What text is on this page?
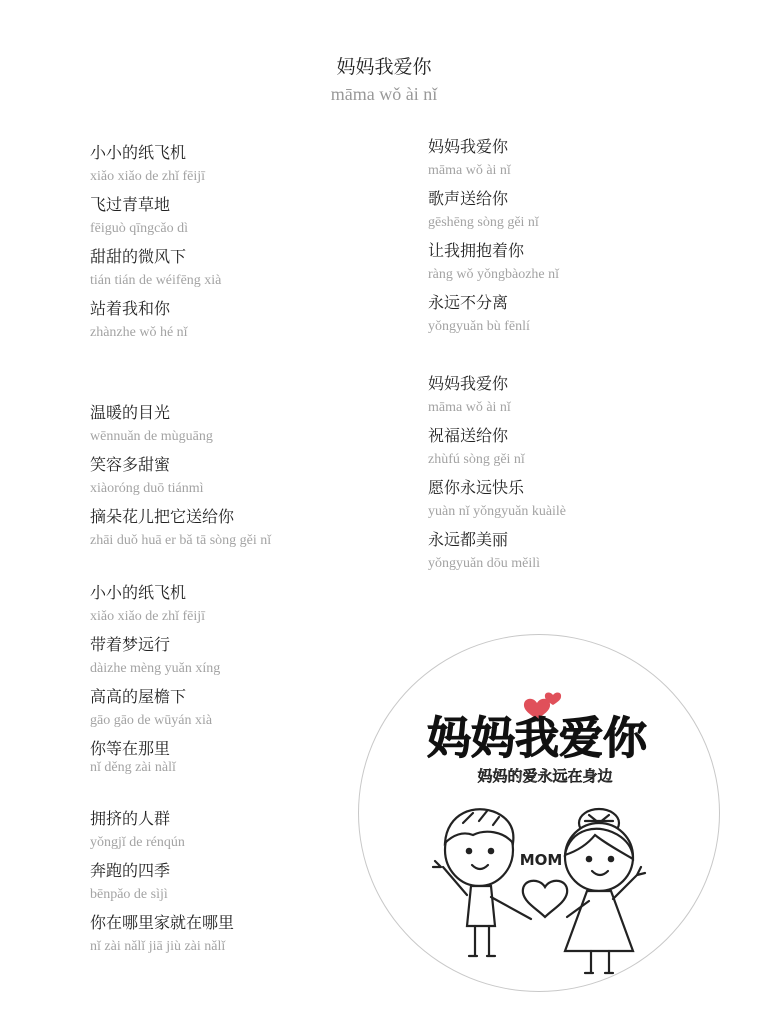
妈妈我爱你
māma wǒ ài nǐ
小小的纸飞机
xiǎo xiǎo de zhǐ fēijī
飞过青草地
fēiguò qīngcǎo dì
甜甜的微风下
tián tián de wéifēng xià
站着我和你
zhànzhe wǒ hé nǐ
温暖的目光
wēnnuǎn de mùguāng
笑容多甜蜜
xiàoróng duō tiánmì
摘朵花儿把它送给你
zhāi duǒ huā er bǎ tā sòng gěi nǐ
小小的纸飞机
xiǎo xiǎo de zhǐ fēijī
带着梦远行
dàizhe mèng yuǎn xíng
高高的屋檐下
gāo gāo de wūyán xià
你等在那里
nǐ děng zài nàlǐ
拥挤的人群
yǒngjǐ de rénqún
奔跑的四季
bēnpǎo de sìjì
你在哪里家就在哪里
nǐ zài nǎlǐ jiā jiù zài nǎlǐ
妈妈我爱你
māma wǒ ài nǐ
歌声送给你
gēshēng sòng gěi nǐ
让我拥抱着你
ràng wǒ yǒngbàozhe nǐ
永远不分离
yǒngyuǎn bù fēnlí
妈妈我爱你
māma wǒ ài nǐ
祝福送给你
zhùfú sòng gěi nǐ
愿你永远快乐
yuàn nǐ yǒngyuǎn kuàilè
永远都美丽
yǒngyuǎn dōu měilì
妈妈我爱你
妈妈的爱永远在身边
MOM
